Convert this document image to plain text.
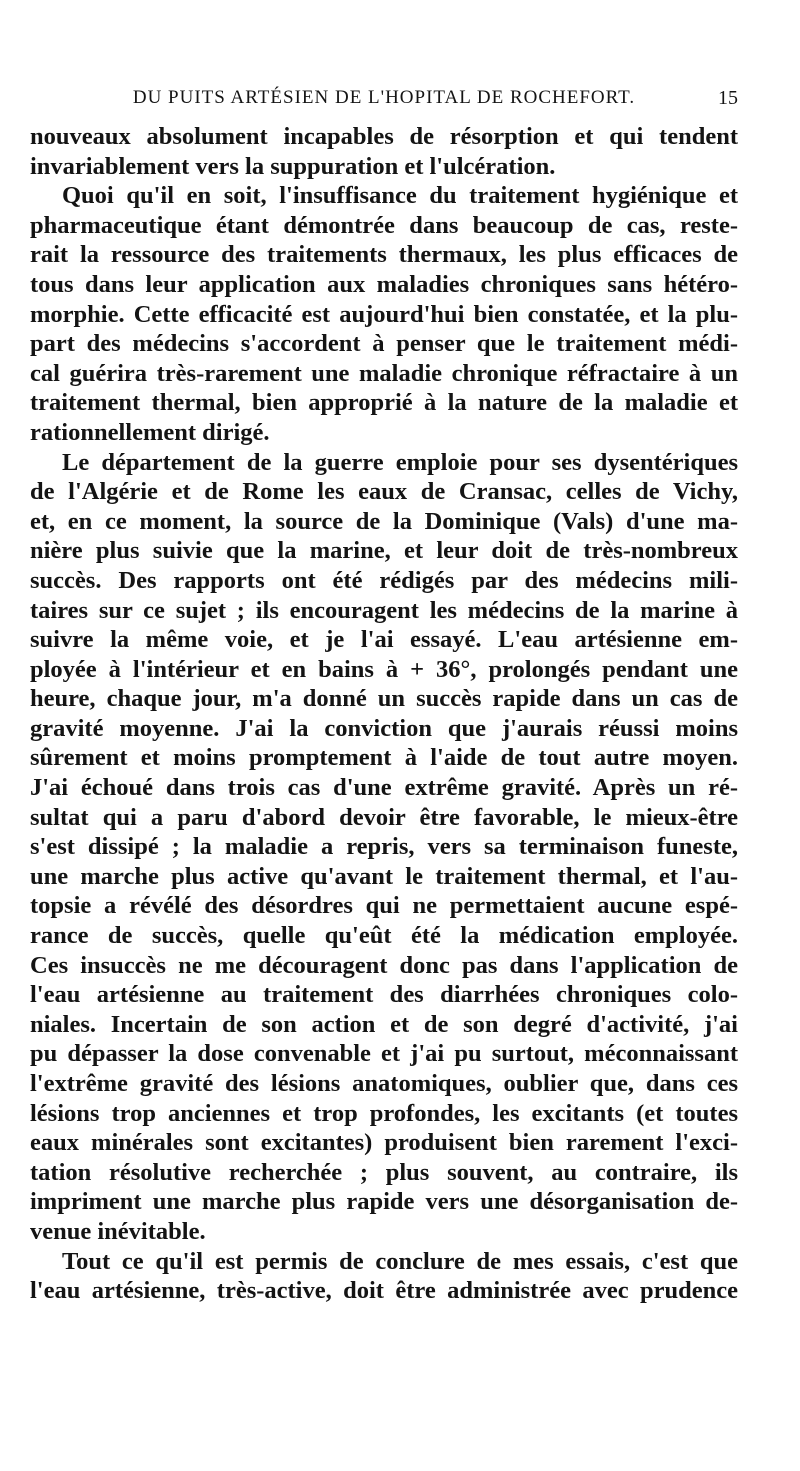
DU PUITS ARTÉSIEN DE L'HOPITAL DE ROCHEFORT.	15
nouveaux absolument incapables de résorption et qui tendent
invariablement vers la suppuration et l'ulcération.
Quoi qu'il en soit, l'insuffisance du traitement hygiénique et
pharmaceutique étant démontrée dans beaucoup de cas, reste-
rait la ressource des traitements thermaux, les plus efficaces de
tous dans leur application aux maladies chroniques sans hétéro-
morphie. Cette efficacité est aujourd'hui bien constatée, et la plu-
part des médecins s'accordent à penser que le traitement médi-
cal guérira très-rarement une maladie chronique réfractaire à un
traitement thermal, bien approprié à la nature de la maladie et
rationnellement dirigé.
Le département de la guerre emploie pour ses dysentériques
de l'Algérie et de Rome les eaux de Cransac, celles de Vichy,
et, en ce moment, la source de la Dominique (Vals) d'une ma-
nière plus suivie que la marine, et leur doit de très-nombreux
succès. Des rapports ont été rédigés par des médecins mili-
taires sur ce sujet ; ils encouragent les médecins de la marine à
suivre la même voie, et je l'ai essayé. L'eau artésienne em-
ployée à l'intérieur et en bains à + 36°, prolongés pendant une
heure, chaque jour, m'a donné un succès rapide dans un cas de
gravité moyenne. J'ai la conviction que j'aurais réussi moins
sûrement et moins promptement à l'aide de tout autre moyen.
J'ai échoué dans trois cas d'une extrême gravité. Après un ré-
sultat qui a paru d'abord devoir être favorable, le mieux-être
s'est dissipé ; la maladie a repris, vers sa terminaison funeste,
une marche plus active qu'avant le traitement thermal, et l'au-
topsie a révélé des désordres qui ne permettaient aucune espé-
rance de succès, quelle qu'eût été la médication employée.
Ces insuccès ne me découragent donc pas dans l'application de
l'eau artésienne au traitement des diarrhées chroniques colo-
niales. Incertain de son action et de son degré d'activité, j'ai
pu dépasser la dose convenable et j'ai pu surtout, méconnaissant
l'extrême gravité des lésions anatomiques, oublier que, dans ces
lésions trop anciennes et trop profondes, les excitants (et toutes
eaux minérales sont excitantes) produisent bien rarement l'exci-
tation résolutive recherchée ; plus souvent, au contraire, ils
impriment une marche plus rapide vers une désorganisation de-
venue inévitable.
Tout ce qu'il est permis de conclure de mes essais, c'est que
l'eau artésienne, très-active, doit être administrée avec prudence
